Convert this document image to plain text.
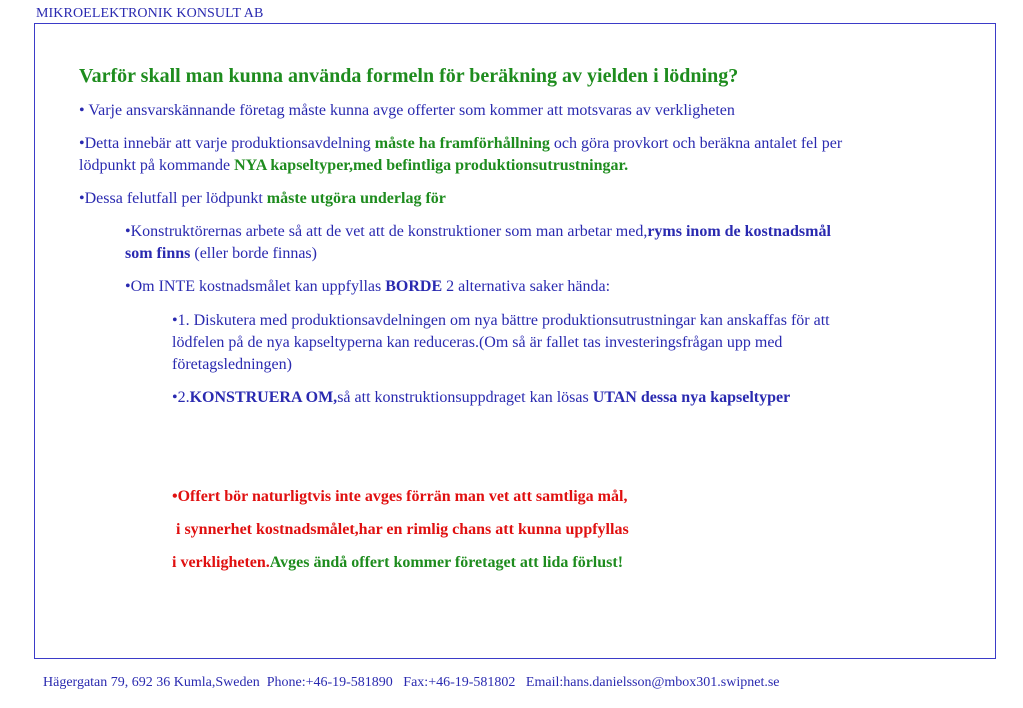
MIKROELEKTRONIK KONSULT AB
Varför skall man kunna använda formeln för beräkning av yielden i lödning?
• Varje ansvarskännande företag måste kunna avge offerter som kommer att motsvaras av verkligheten
•Detta innebär att varje produktionsavdelning måste ha framförhållning och göra provkort och beräkna antalet fel per
lödpunkt på kommande NYA kapseltyper,med befintliga produktionsutrustningar.
•Dessa felutfall per lödpunkt måste utgöra underlag för
•Konstruktörernas arbete så att de vet att de konstruktioner som man arbetar med,ryms inom de kostnadsmål
som finns (eller borde finnas)
•Om INTE kostnadsmålet kan uppfyllas BORDE 2 alternativa saker hända:
•1. Diskutera med produktionsavdelningen om nya bättre produktionsutrustningar kan anskaffas för att
lödfelen på de nya kapseltyperna kan reduceras.(Om så är fallet tas investeringsfrågan upp med
företagsledningen)
•2.KONSTRUERA OM,så att konstruktionsuppdraget kan lösas UTAN dessa nya kapseltyper
•Offert bör naturligtvis inte avges förrän man vet att samtliga mål,
i synnerhet kostnadsmålet,har en rimlig chans att kunna uppfyllas
i verkligheten.Avges ändå offert kommer företaget att lida förlust!
Hägergatan 79, 692 36 Kumla,Sweden  Phone:+46-19-581890   Fax:+46-19-581802   Email:hans.danielsson@mbox301.swipnet.se
